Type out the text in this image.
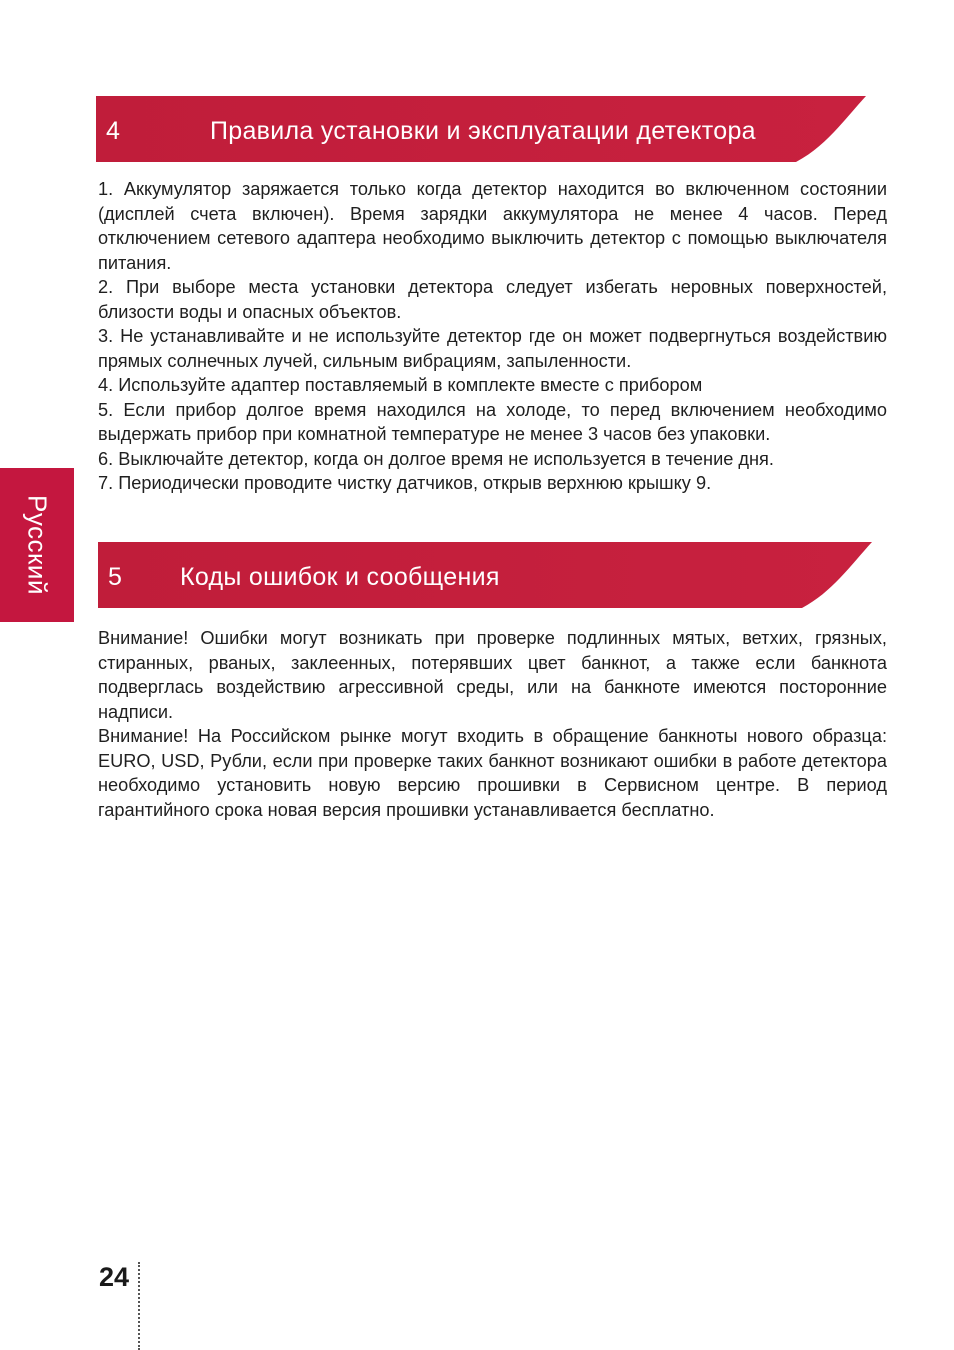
4	Правила установки и эксплуатации детектора

1. Аккумулятор заряжается только когда детектор находится во включенном состоянии (дисплей счета включен). Время зарядки аккумулятора не менее 4 часов. Перед отключением сетевого адаптера необходимо выключить детектор с помощью выключателя питания.

2. При выборе места установки детектора следует избегать неровных поверхностей, близости воды и опасных объектов.

3. Не устанавливайте и не используйте детектор где он может подвергнуться воздействию прямых солнечных лучей, сильным вибрациям, запыленности.

4. Используйте адаптер поставляемый в комплекте вместе с прибором

5. Если прибор долгое время находился на холоде, то перед включением необходимо выдержать прибор при комнатной температуре не менее 3 часов без упаковки.

6. Выключайте детектор, когда он долгое время не используется в течение дня.

7. Периодически проводите чистку датчиков, открыв верхнюю крышку 9.

Русский 5 Коды ошибок и сообщения

Внимание! Ошибки могут возникать при проверке подлинных мятых, ветхих, грязных, стиранных, рваных, заклеенных, потерявших цвет банкнот, а также если банкнота подверглась воздействию агрессивной среды, или на банкноте имеются посторонние надписи.

Внимание! На Российском рынке могут входить в обращение банкноты нового образца: EURO, USD, Рубли, если при проверке таких банкнот возникают ошибки в работе детектора необходимо установить новую версию прошивки в Сервисном центре. В период гарантийного срока новая версия прошивки устанавливается бесплатно.

24
